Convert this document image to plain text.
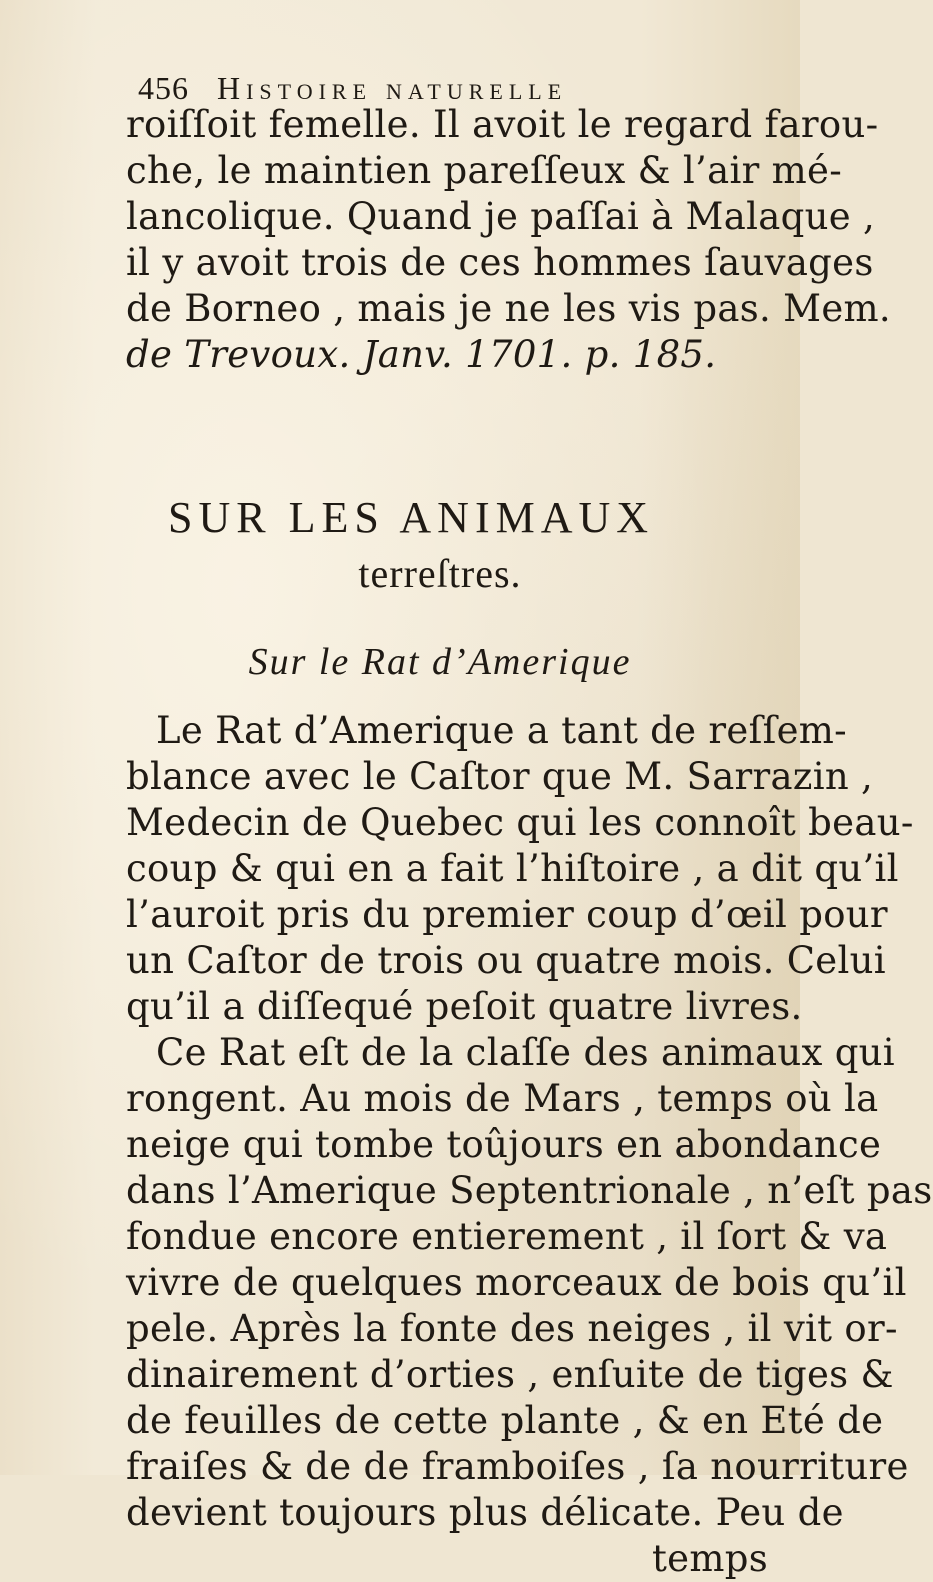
456 Histoire naturelle
roiſſoit femelle. Il avoit le regard farou-
che, le maintien pareſſeux & l’air mé-
lancolique. Quand je paſſai à Malaque ,
il y avoit trois de ces hommes ſauvages
de Borneo , mais je ne les vis pas. Mem.
de Trevoux. Janv. 1701. p. 185.
SUR LES ANIMAUX
terreſtres.
Sur le Rat d’Amerique
Le Rat d’Amerique a tant de reſſem-
blance avec le Caſtor que M. Sarrazin ,
Medecin de Quebec qui les connoît beau-
coup & qui en a fait l’hiſtoire , a dit qu’il
l’auroit pris du premier coup d’œil pour
un Caſtor de trois ou quatre mois. Celui
qu’il a diſſequé peſoit quatre livres.
Ce Rat eſt de la claſſe des animaux qui
rongent. Au mois de Mars , temps où la
neige qui tombe toûjours en abondance
dans l’Amerique Septentrionale , n’eſt pas
fondue encore entierement , il ſort & va
vivre de quelques morceaux de bois qu’il
pele. Après la fonte des neiges , il vit or-
dinairement d’orties , enſuite de tiges &
de feuilles de cette plante , & en Eté de
fraiſes & de de framboiſes , ſa nourriture
devient toujours plus délicate. Peu de
temps
